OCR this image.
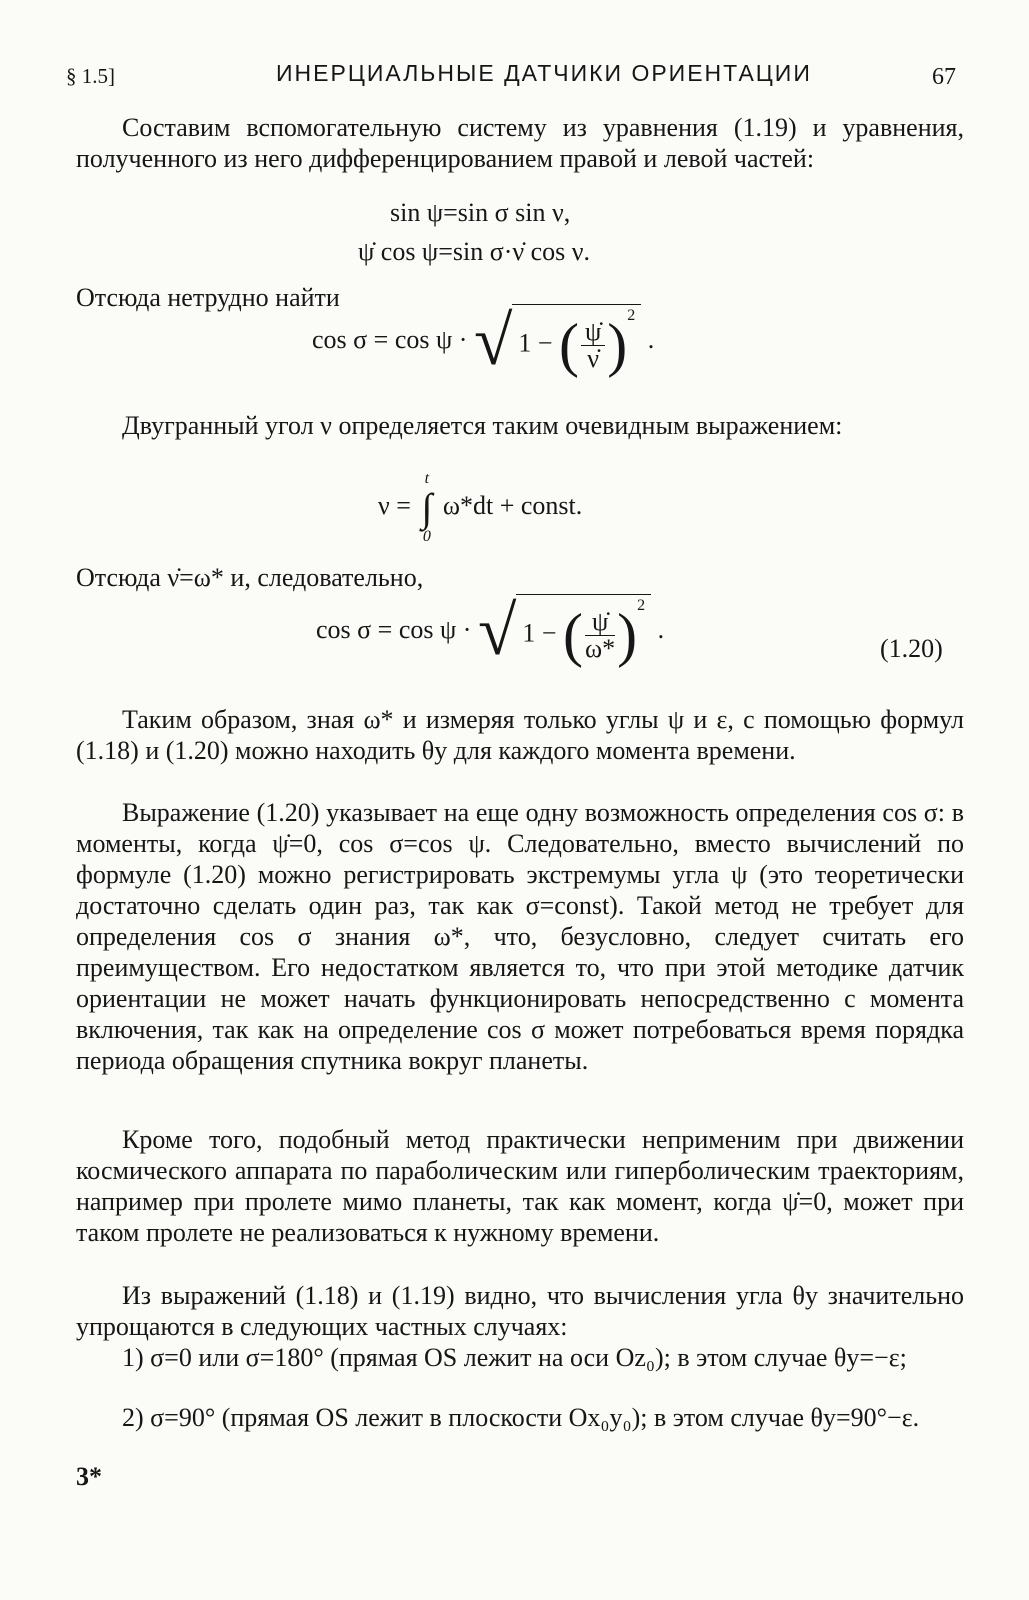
§ 1.5]	ИНЕРЦИАЛЬНЫЕ ДАТЧИКИ ОРИЕНТАЦИИ	67

Составим вспомогательную систему из уравнения (1.19) и уравнения, полученного из него дифференцированием правой и левой частей:

sin ψ=sin σ sin ν,
ψ̇ cos ψ=sin σ·ν̇ cos ν.

Отсюда нетрудно найти

cos σ = cos ψ · √ 1 − ( $\frac{\psi̇}{\nu̇} )^2$ .

Двугранный угол ν определяется таким очевидным выражением:

ν =
t
∫
0
ω*dt + const.

Отсюда ν̇=ω* и, следовательно,

cos σ = cos ψ · √ 1 − ( $\frac{\psi̇}{\omega*} )^2$ .
(1.20)

Таким образом, зная ω* и измеряя только углы ψ и ε, с помощью формул (1.18) и (1.20) можно находить θу для каждого момента времени.

Выражение (1.20) указывает на еще одну возможность определения cos σ: в моменты, когда ψ̇=0, cos σ=cos ψ. Следовательно, вместо вычислений по формуле (1.20) можно регистрировать экстремумы угла ψ (это теоретически достаточно сделать один раз, так как σ=const). Такой метод не требует для определения cos σ знания ω*, что, безусловно, следует считать его преимуществом. Его недостатком является то, что при этой методике датчик ориентации не может начать функционировать непосредственно с момента включения, так как на определение cos σ может потребоваться время порядка периода обращения спутника вокруг планеты.

Кроме того, подобный метод практически неприменим при движении космического аппарата по параболическим или гиперболическим траекториям, например при пролете мимо планеты, так как момент, когда ψ̇=0, может при таком пролете не реализоваться к нужному времени.

Из выражений (1.18) и (1.19) видно, что вычисления угла θу значительно упрощаются в следующих частных случаях:

1) σ=0 или σ=180° (прямая OS лежит на оси Oz₀); в этом случае θу=−ε;

2) σ=90° (прямая OS лежит в плоскости Ox₀y₀); в этом случае θу=90°−ε.

3*
